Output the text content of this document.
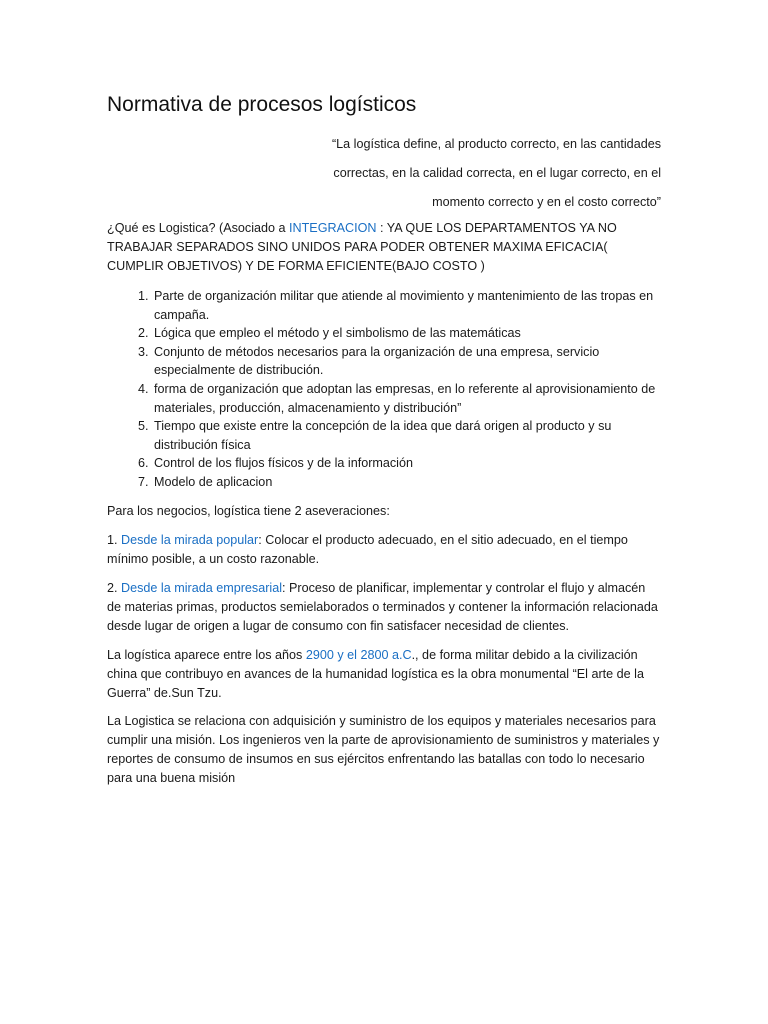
Normativa de procesos logísticos

“La logística define, al producto correcto, en las cantidades correctas, en la calidad correcta, en el lugar correcto, en el momento correcto y en el costo correcto”

¿Qué es Logistica? (Asociado a INTEGRACION : YA QUE LOS DEPARTAMENTOS YA NO TRABAJAR SEPARADOS SINO UNIDOS PARA PODER OBTENER MAXIMA EFICACIA( CUMPLIR OBJETIVOS) Y DE FORMA EFICIENTE(BAJO COSTO )

1. Parte de organización militar que atiende al movimiento y mantenimiento de las tropas en campaña.
2. Lógica que empleo el método y el simbolismo de las matemáticas
3. Conjunto de métodos necesarios para la organización de una empresa, servicio especialmente de distribución.
4. forma de organización que adoptan las empresas, en lo referente al aprovisionamiento de materiales, producción, almacenamiento y distribución”
5. Tiempo que existe entre la concepción de la idea que dará origen al producto y su distribución física
6. Control de los flujos físicos y de la información
7. Modelo de aplicacion

Para los negocios, logística tiene 2 aseveraciones:

1. Desde la mirada popular: Colocar el producto adecuado, en el sitio adecuado, en el tiempo mínimo posible, a un costo razonable.

2. Desde la mirada empresarial: Proceso de planificar, implementar y controlar el flujo y almacén de materias primas, productos semielaborados o terminados y contener la información relacionada desde lugar de origen a lugar de consumo con fin satisfacer necesidad de clientes.

La logística aparece entre los años 2900 y el 2800 a.C., de forma militar debido a la civilización china que contribuyo en avances de la humanidad logística es la obra monumental “El arte de la Guerra” de.Sun Tzu.

La Logistica se relaciona con adquisición y suministro de los equipos y materiales necesarios para cumplir una misión. Los ingenieros ven la parte de aprovisionamiento de suministros y materiales y reportes de consumo de insumos en sus ejércitos enfrentando las batallas con todo lo necesario para una buena misión
